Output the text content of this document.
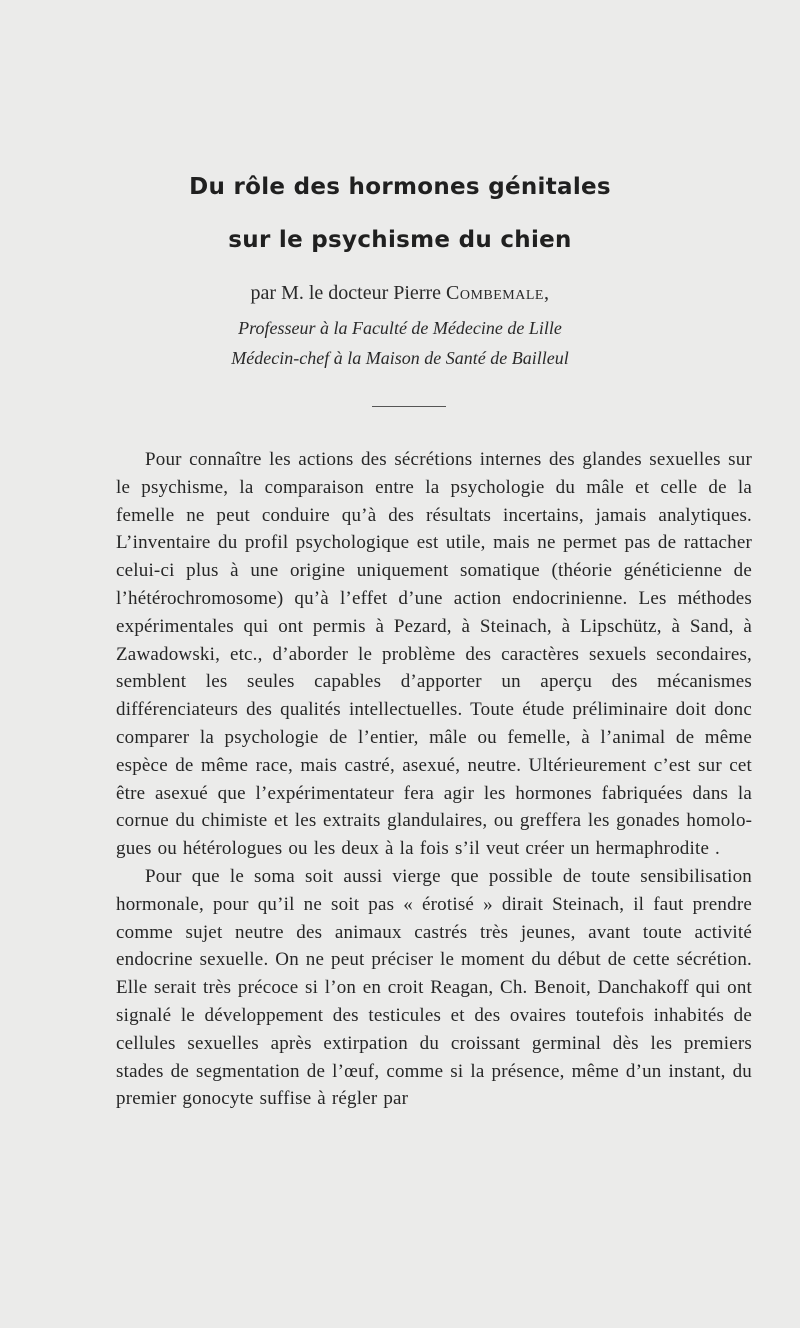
Du rôle des hormones génitales
sur le psychisme du chien
par M. le docteur Pierre Combemale,
Professeur à la Faculté de Médecine de Lille
Médecin-chef à la Maison de Santé de Bailleul

Pour connaître les actions des sécrétions internes des glandes sexuelles sur le psychisme, la comparaison entre la psychologie du mâle et celle de la femelle ne peut conduire qu’à des résultats incertains, jamais analytiques. L’inventaire du profil psychologique est utile, mais ne permet pas de rattacher celui-ci plus à une origine uniquement somatique (théorie généticienne de l’hétérochromosome) qu’à l’effet d’une action endocrinienne. Les méthodes expérimentales qui ont permis à Pezard, à Steinach, à Lipschütz, à Sand, à Zawadowski, etc., d’aborder le problème des caractères sexuels secondaires, semblent les seules capables d’apporter un aperçu des mécanismes différenciateurs des qualités intellectuelles. Toute étude préliminaire doit donc comparer la psychologie de l’entier, mâle ou femelle, à l’animal de même espèce de même race, mais castré, asexué, neutre. Ultérieurement c’est sur cet être asexué que l’expérimentateur fera agir les hormones fabriquées dans la cornue du chimiste et les extraits glandulaires, ou greffera les gonades homologues ou hétérologues ou les deux à la fois s’il veut créer un hermaphrodite .

Pour que le soma soit aussi vierge que possible de toute sensibilisation hormonale, pour qu’il ne soit pas « érotisé » dirait Steinach, il faut prendre comme sujet neutre des animaux castrés très jeunes, avant toute activité endocrine sexuelle. On ne peut préciser le moment du début de cette sécrétion. Elle serait très précoce si l’on en croit Reagan, Ch. Benoit, Danchakoff qui ont signalé le développement des testicules et des ovaires toutefois inhabités de cellules sexuelles après extirpation du croissant germinal dès les premiers stades de segmentation de l’œuf, comme si la présence, même d’un instant, du premier gonocyte suffise à régler par
